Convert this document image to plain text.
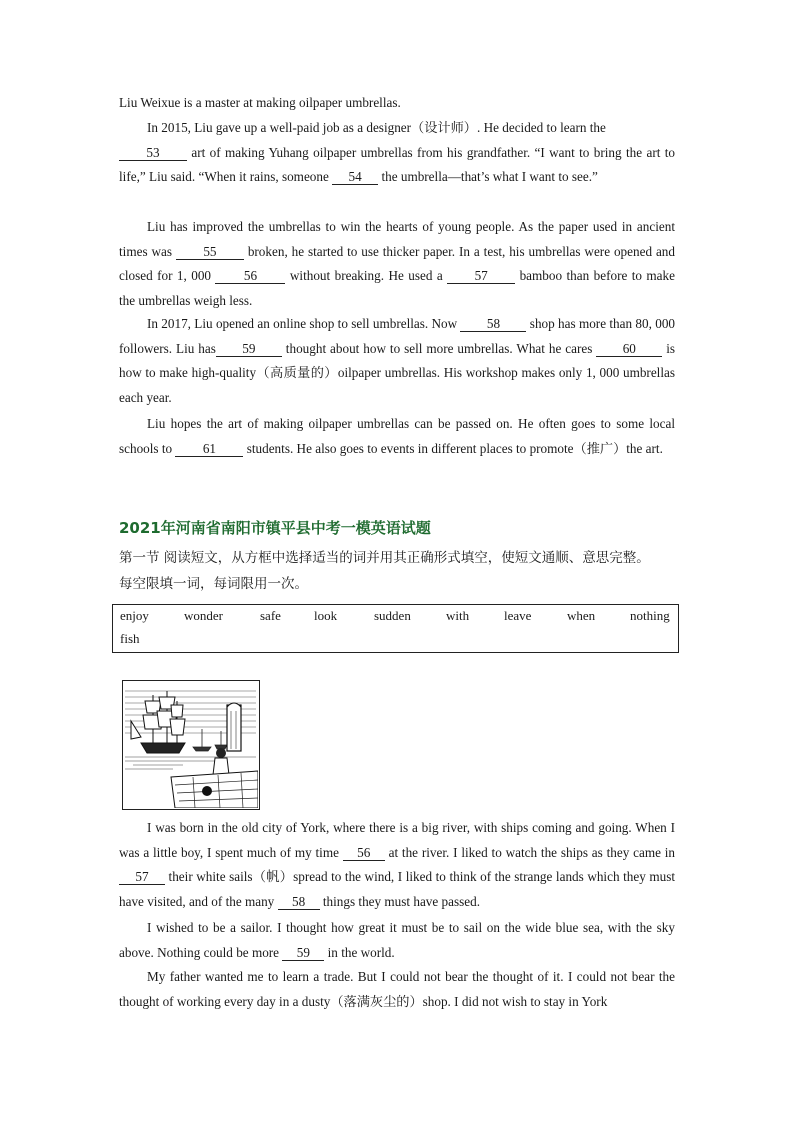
Liu Weixue is a master at making oilpaper umbrellas.

In 2015, Liu gave up a well-paid job as a designer（设计师）. He decided to learn the
53 art of making Yuhang oilpaper umbrellas from his grandfather. “I want to bring the art to life,” Liu said. “When it rains, someone 54 the umbrella—that’s what I want to see.”

Liu has improved the umbrellas to win the hearts of young people. As the paper used in ancient times was 55 broken, he started to use thicker paper. In a test, his umbrellas were opened and closed for 1, 000 56 without breaking. He used a 57 bamboo than before to make the umbrellas weigh less.

In 2017, Liu opened an online shop to sell umbrellas. Now 58 shop has more than 80, 000 followers. Liu has 59 thought about how to sell more umbrellas. What he cares 60 is how to make high-quality（高质量的）oilpaper umbrellas. His workshop makes only 1, 000 umbrellas each year.

Liu hopes the art of making oilpaper umbrellas can be passed on. He often goes to some local schools to 61 students. He also goes to events in different places to promote（推广）the art.

2021年河南省南阳市镇平县中考一模英语试题
第一节 阅读短文，从方框中选择适当的词并用其正确形式填空，使短文通顺、意思完整。
每空限填一词，每词限用一次。
enjoy	wonder	safe	look	sudden	with	leave	when	nothing
fish

I was born in the old city of York, where there is a big river, with ships coming and going. When I was a little boy, I spent much of my time 56 at the river. I liked to watch the ships as they came in 57 their white sails（帆）spread to the wind, I liked to think of the strange lands which they must have visited, and of the many 58 things they must have passed.

I wished to be a sailor. I thought how great it must be to sail on the wide blue sea, with the sky above. Nothing could be more 59 in the world.

My father wanted me to learn a trade. But I could not bear the thought of it. I could not bear the thought of working every day in a dusty（落满灰尘的）shop. I did not wish to stay in York
